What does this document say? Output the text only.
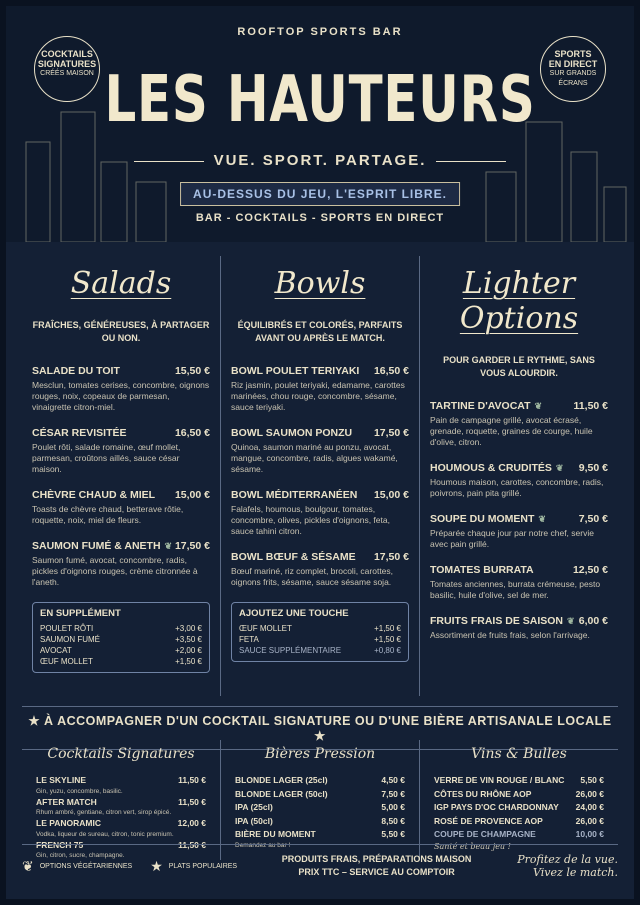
COCKTAILS
SIGNATURES
CRÉÉS MAISON
SPORTS
EN DIRECT
SUR GRANDS ÉCRANS
ROOFTOP SPORTS BAR
LES HAUTEURS
VUE. SPORT. PARTAGE.
AU-DESSUS DU JEU, L'ESPRIT LIBRE.
BAR - COCKTAILS - SPORTS EN DIRECT
Salads
FRAÎCHES, GÉNÉREUSES, À PARTAGER OU NON.
SALADE DU TOIT	15,50 €
Mesclun, tomates cerises, concombre, oignons rouges, noix, copeaux de parmesan, vinaigrette citron-miel.
CÉSAR REVISITÉE	16,50 €
Poulet rôti, salade romaine, œuf mollet, parmesan, croûtons aillés, sauce césar maison.
CHÈVRE CHAUD & MIEL 15,00 €
Toasts de chèvre chaud, betterave rôtie, roquette, noix, miel de fleurs.
SAUMON FUMÉ & ANETH ❦ 17,50 €
Saumon fumé, avocat, concombre, radis, pickles d'oignons rouges, crème citronnée à l'aneth.
EN SUPPLÉMENT
POULET RÔTI	+3,00 €
SAUMON FUMÉ	+3,50 €
AVOCAT	+2,00 €
ŒUF MOLLET	+1,50 €
Bowls
ÉQUILIBRÉS ET COLORÉS, PARFAITS AVANT OU APRÈS LE MATCH.
BOWL POULET TERIYAKI 16,50 €
Riz jasmin, poulet teriyaki, edamame, carottes marinées, chou rouge, concombre, sésame, sauce teriyaki.
BOWL SAUMON PONZU 17,50 €
Quinoa, saumon mariné au ponzu, avocat, mangue, concombre, radis, algues wakamé, sésame.
BOWL MÉDITERRANÉEN 15,00 €
Falafels, houmous, boulgour, tomates, concombre, olives, pickles d'oignons, feta, sauce tahini citron.
BOWL BŒUF & SÉSAME 17,50 €
Bœuf mariné, riz complet, brocoli, carottes, oignons frits, sésame, sauce sésame soja.
AJOUTEZ UNE TOUCHE
ŒUF MOLLET	+1,50 €
FETA	+1,50 €
SAUCE SUPPLÉMENTAIRE	+0,80 €
Lighter Options
POUR GARDER LE RYTHME, SANS VOUS ALOURDIR.
TARTINE D'AVOCAT ❦	11,50 €
Pain de campagne grillé, avocat écrasé, grenade, roquette, graines de courge, huile d'olive, citron.
HOUMOUS & CRUDITÉS ❦ 9,50 €
Houmous maison, carottes, concombre, radis, poivrons, pain pita grillé.
SOUPE DU MOMENT ❦	7,50 €
Préparée chaque jour par notre chef, servie avec pain grillé.
TOMATES BURRATA	12,50 €
Tomates anciennes, burrata crémeuse, pesto basilic, huile d'olive, sel de mer.
FRUITS FRAIS DE SAISON ❦ 6,00 €
Assortiment de fruits frais, selon l'arrivage.
★ À ACCOMPAGNER D'UN COCKTAIL SIGNATURE OU D'UNE BIÈRE ARTISANALE LOCALE ★
Cocktails Signatures
LE SKYLINE	11,50 €
Gin, yuzu, concombre, basilic.
AFTER MATCH	11,50 €
Rhum ambré, gentiane, citron vert, sirop épicé.
LE PANORAMIC	12,00 €
Vodka, liqueur de sureau, citron, tonic premium.
FRENCH 75	11,50 €
Gin, citron, sucre, champagne.
Bières Pression
BLONDE LAGER (25cl)	4,50 €
BLONDE LAGER (50cl)	7,50 €
IPA (25cl)	5,00 €
IPA (50cl)	8,50 €
BIÈRE DU MOMENT	5,50 €
Demandez au bar !
Vins & Bulles
VERRE DE VIN ROUGE / BLANC 5,50 €
CÔTES DU RHÔNE AOP	26,00 €
IGP PAYS D'OC CHARDONNAY 24,00 €
ROSÉ DE PROVENCE AOP	26,00 €
COUPE DE CHAMPAGNE	10,00 €
Santé et beau jeu !
❦ OPTIONS VÉGÉTARIENNES ★ PLATS POPULAIRES
PRODUITS FRAIS, PRÉPARATIONS MAISON
PRIX TTC – SERVICE AU COMPTOIR
Profitez de la vue.
Vivez le match.
